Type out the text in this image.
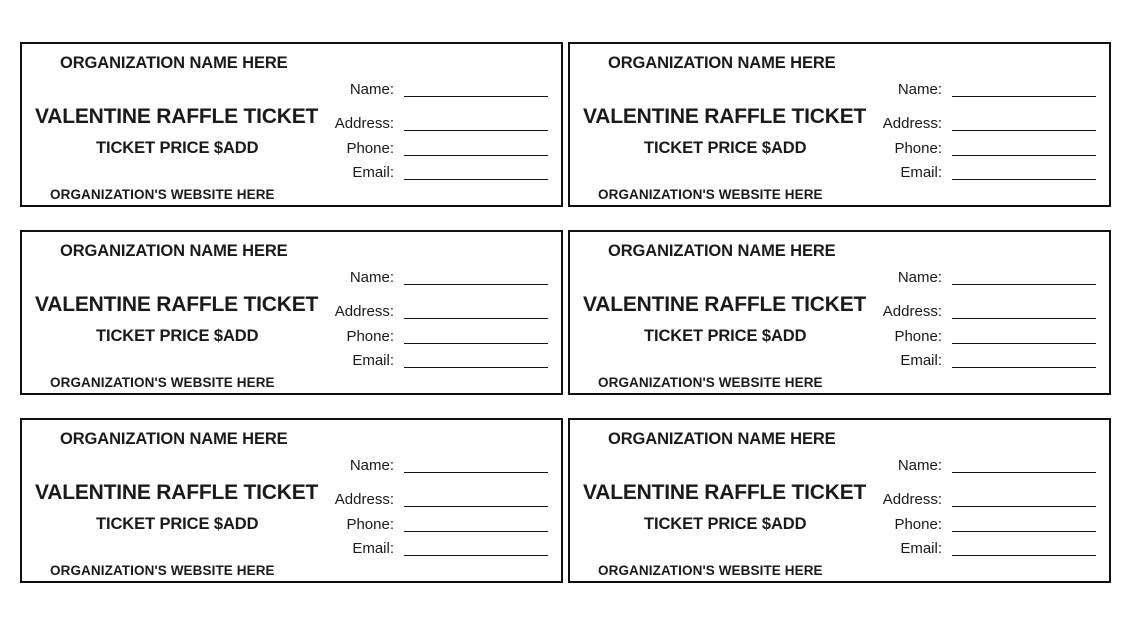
ORGANIZATION NAME HERE
VALENTINE RAFFLE TICKET
TICKET PRICE $ADD
ORGANIZATION'S WEBSITE HERE
Name:
Address:
Phone:
Email:
ORGANIZATION NAME HERE
VALENTINE RAFFLE TICKET
TICKET PRICE $ADD
ORGANIZATION'S WEBSITE HERE
Name:
Address:
Phone:
Email:
ORGANIZATION NAME HERE
VALENTINE RAFFLE TICKET
TICKET PRICE $ADD
ORGANIZATION'S WEBSITE HERE
Name:
Address:
Phone:
Email:
ORGANIZATION NAME HERE
VALENTINE RAFFLE TICKET
TICKET PRICE $ADD
ORGANIZATION'S WEBSITE HERE
Name:
Address:
Phone:
Email:
ORGANIZATION NAME HERE
VALENTINE RAFFLE TICKET
TICKET PRICE $ADD
ORGANIZATION'S WEBSITE HERE
Name:
Address:
Phone:
Email:
ORGANIZATION NAME HERE
VALENTINE RAFFLE TICKET
TICKET PRICE $ADD
ORGANIZATION'S WEBSITE HERE
Name:
Address:
Phone:
Email:
